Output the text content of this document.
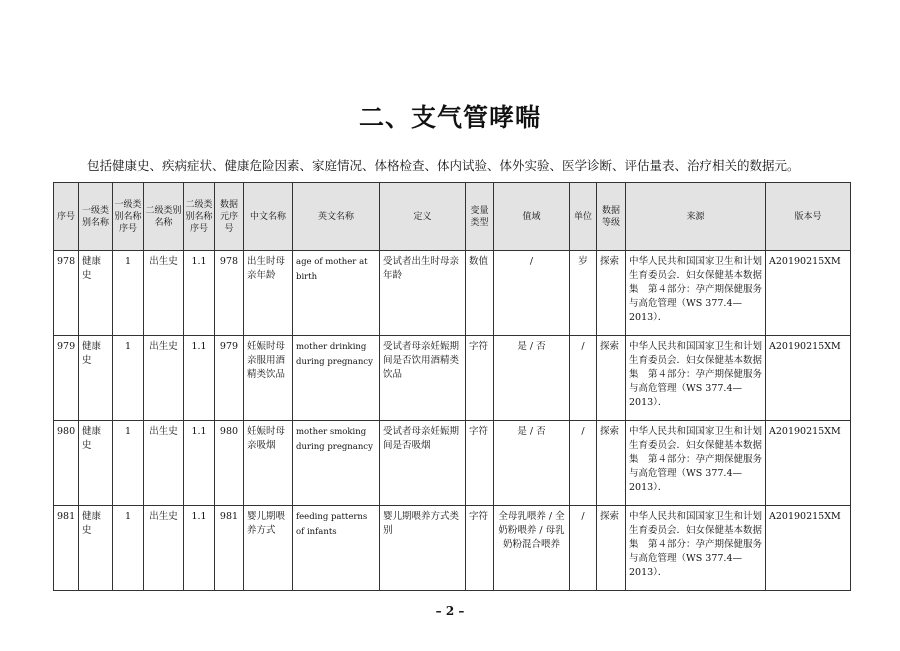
二、支气管哮喘
包括健康史、疾病症状、健康危险因素、家庭情况、体格检查、体内试验、体外实验、医学诊断、评估量表、治疗相关的数据元。
序号	一级类别名称	一级类别名称序号	二级类别名称	二级类别名称序号	数据元序号	中文名称	英文名称	定义	变量类型	值域	单位	数据等级	来源	版本号
978	健康史	1	出生史	1.1	978	出生时母亲年龄	age of mother at birth	受试者出生时母亲年龄	数值	/	岁	探索	中华人民共和国国家卫生和计划生育委员会．妇女保健基本数据集　第４部分：孕产期保健服务与高危管理（WS 377.4—2013）．	A20190215XM
979	健康史	1	出生史	1.1	979	妊娠时母亲服用酒精类饮品	mother drinking during pregnancy	受试者母亲妊娠期间是否饮用酒精类饮品	字符	是 / 否	/	探索	中华人民共和国国家卫生和计划生育委员会．妇女保健基本数据集　第４部分：孕产期保健服务与高危管理（WS 377.4—2013）．	A20190215XM
980	健康史	1	出生史	1.1	980	妊娠时母亲吸烟	mother smoking during pregnancy	受试者母亲妊娠期间是否吸烟	字符	是 / 否	/	探索	中华人民共和国国家卫生和计划生育委员会．妇女保健基本数据集　第４部分：孕产期保健服务与高危管理（WS 377.4—2013）．	A20190215XM
981	健康史	1	出生史	1.1	981	婴儿期喂养方式	feeding patterns of infants	婴儿期喂养方式类别	字符	全母乳喂养 / 全奶粉喂养 / 母乳奶粉混合喂养	/	探索	中华人民共和国国家卫生和计划生育委员会．妇女保健基本数据集　第４部分：孕产期保健服务与高危管理（WS 377.4—2013）．	A20190215XM
– 2 –
